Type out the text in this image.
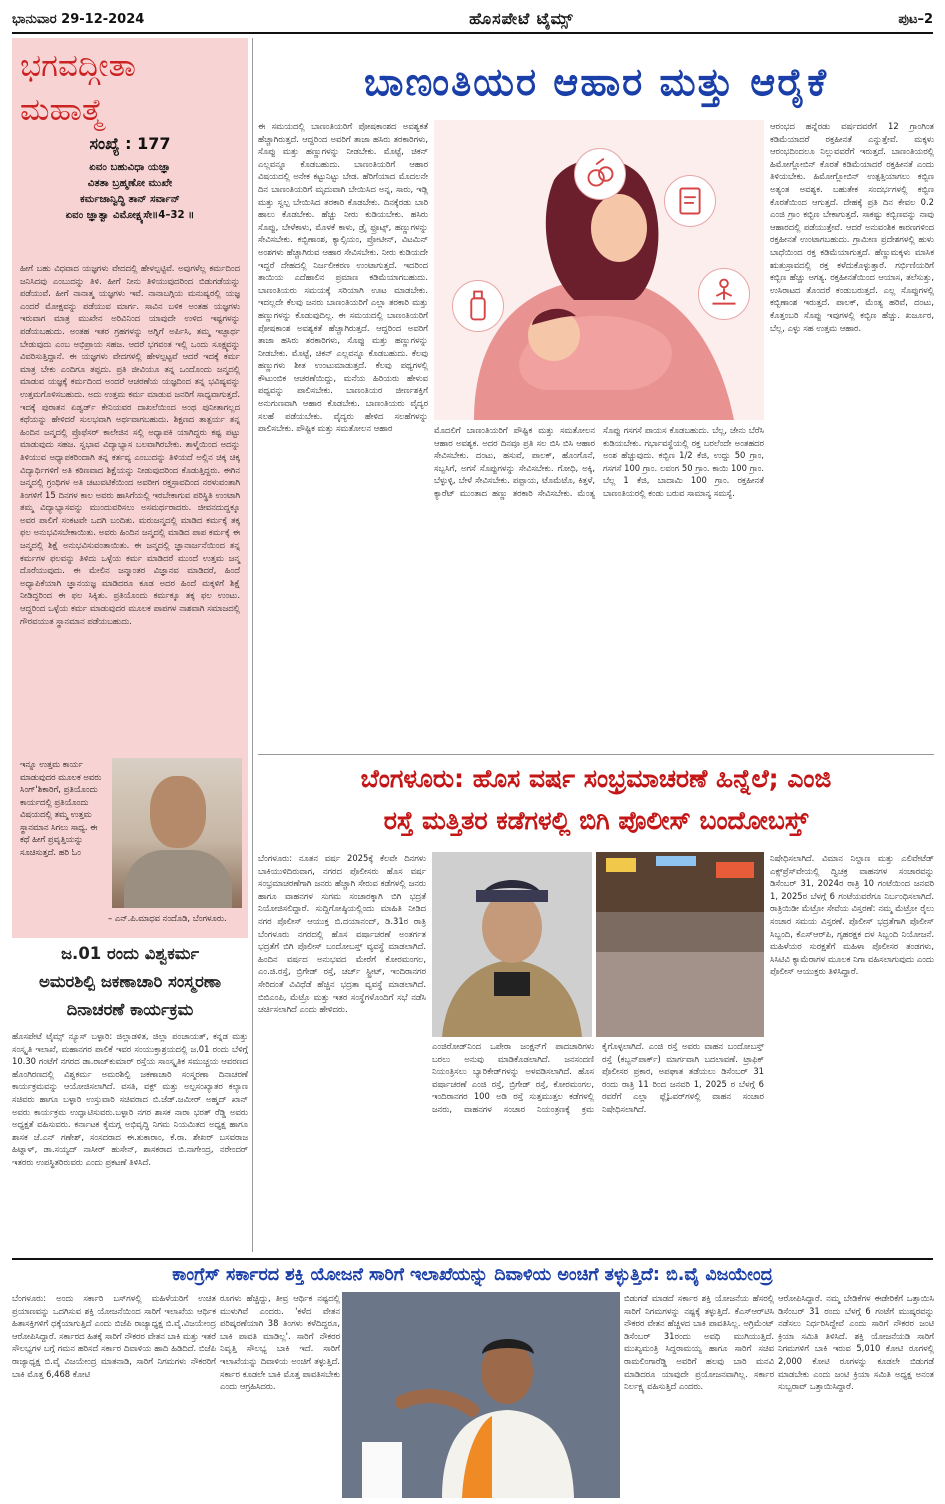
ಭಾನುವಾರ 29-12-2024	ಹೊಸಪೇಟೆ ಟೈಮ್ಸ್	ಪುಟ–2
ಭಗವದ್ಗೀತಾ
ಮಹಾತ್ಮೆ
ಸಂಖ್ಯೆ : 177
ಏವಂ ಬಹುವಿಧಾ ಯಜ್ಞಾ
ವಿತತಾ ಬ್ರಹ್ಮಣೋ ಮುಖೇ
ಕರ್ಮಜಾನ್ವಿದ್ಧಿ ತಾನ್ ಸರ್ವಾನ್
ಏವಂ ಜ್ಞಾತ್ವಾ ವಿಮೋಕ್ಷ್ಯಸೇ॥4–32 ॥
ಹೀಗೆ ಬಹು ವಿಧವಾದ ಯಜ್ಞಗಳು ವೇದದಲ್ಲಿ ಹೇಳಲ್ಪಟ್ಟಿವೆ. ಅವುಗಳೆಲ್ಲ ಕರ್ಮದಿಂದ ಜನಿಸಿದವು ಎಂಬುದನ್ನು ತಿಳಿ. ಹೀಗೆ ನೀನು ತಿಳಿಯುವುದರಿಂದ ಬಿಡುಗಡೆಯನ್ನು ಪಡೆಯುವೆ. ಹೀಗೆ ನಾನಾತ್ಮ ಯಜ್ಞಗಳು ಇವೆ. ನಾನಾಬಗ್ಗಿಯ ಮನುಷ್ಯರಲ್ಲಿ ಯಜ್ಞ ಎಂದರೆ ಮೋಕ್ಷವನ್ನು ಪಡೆಯುವ ಮಾರ್ಗ. ಸಾವಿನ ಬಳಿಕ ಅಂತಹ ಯಜ್ಞಗಳು ಇರುವಾಗ ಮಾತ್ರ ಮುಖೇನ ಅರಿವಿನಿಂದ ಯಾವುದೇ ಉಳಿದ ಇಷ್ಟಗಳನ್ನು ಪಡೆಯಬಹುದು. ಅಂತಹ ಇತರ ಗ್ರಹಗಳನ್ನು ಅಗ್ನಿಗೆ ಅರ್ಪಿಸಿ, ತಮ್ಮ ಇಚ್ಛಾರ್ಥ ಬೇಡುವುದು ಎಂಬ ಅಭಿಪ್ರಾಯ ಸಹಜ. ಆದರೆ ಭಗವಂತ ಇಲ್ಲಿ ಒಂದು ಸೂಕ್ಷ್ಮವನ್ನು ವಿವರಿಸುತ್ತಿದ್ದಾನೆ. ಈ ಯಜ್ಞಗಳು ವೇದಗಳಲ್ಲಿ ಹೇಳಲ್ಪಟ್ಟವೆ ಆದರೆ ಇದಕ್ಕೆ ಕರ್ಮ ಮಾತ್ರ ಬೇಕು ಎಂದಿಗೂ ತಪ್ಪದು. ಪ್ರತಿ ಜೀವಿಯೂ ತನ್ನ ಒಂದೊಂದು ಜನ್ಮದಲ್ಲಿ ಮಾಡುವ ಯಜ್ಞಕ್ಕೆ ಕರ್ಮದಿಂದ ಅಂದರೆ ಆಚರಣೆಯ ಯಜ್ಞದಿಂದ ತನ್ನ ಭವಿಷ್ಯವನ್ನು ಉತ್ತಮಗೊಳಿಸಬಹುದು. ಅದು ಉತ್ತಮ ಕರ್ಮ ಮಾಡುವ ಜನರಿಗೆ ಸಾಧ್ಯವಾಗುತ್ತದೆ. ಇದಕ್ಕೆ ಪುರಾತನ ಏಡ್ವರ್ಡ್ ಕೇನಿಯವರ ದಾಖಲೆಯಿಂದ ಅಂಥ ಪುನೀತಾಗಲ್ಲದ ಕಥೆಯನ್ನು ಹೇಳಿದರೆ ಸುಲಭವಾಗಿ ಅರ್ಥವಾಗಬಹುದು. ಶಿಕ್ಷಣದ ತಾತ್ಪರ್ಯ ತನ್ನ ಹಿಂದಿನ ಜನ್ಮದಲ್ಲಿ ಪ್ರೊಫೆಸರ್ ಕಾಲೇಜಿನ ಸಲ್ಲಿ ಅಧ್ಯಾಪಕಿ ಯಾಗಿದ್ದರು ಕಷ್ಟ ಪಟ್ಟು ಮಾಡುವುದು ಸಹಜ. ಸ್ವಭಾವ ವಿದ್ಯಾಭ್ಯಾಸ ಬಲವಾಗಿರಬೇಕು. ತಾಳ್ಮೆಯಿಂದ ಅದನ್ನು ತಿಳಿಯುವ ಅಧ್ಯಾಪಕರಿಂದಾಗಿ ತನ್ನ ಕರ್ತವ್ಯ ಎಂಬುದನ್ನು ತಿಳಿಯದೆ ಅಲ್ಲಿನ ಚಿಕ್ಕ ಚಿಕ್ಕ ವಿದ್ಯಾರ್ಥಿಗಳಿಗೆ ಅತಿ ಕಠಿಣವಾದ ಶಿಕ್ಷೆಯನ್ನು ನೀಡುವುದರಿಂದ ಕೊಡುತ್ತಿದ್ದರು. ಈಗಿನ ಜನ್ಮದಲ್ಲಿ ಗ್ರಂಥಿಗಳ ಅತಿ ಚಟುವಟಿಕೆಯಿಂದ ಅವರೀಗ ರಕ್ತಸ್ರಾವದಿಂದ ನರಳುವಂತಾಗಿ ತಿಂಗಳಿಗೆ 15 ದಿನಗಳ ಕಾಲ ಅವರು ಹಾಸಿಗೆಯಲ್ಲಿ ಇರಬೇಕಾಗುವ ಪರಿಸ್ಥಿತಿ ಉಂಟಾಗಿ ತಮ್ಮ ವಿದ್ಯಾಭ್ಯಾಸವನ್ನು ಮುಂದುವರಿಸಲು ಅಸಮರ್ಥರಾದರು. ಜೀವನದುದ್ದಕ್ಕೂ ಅವರ ಪಾಲಿಗೆ ಸಂಕಟವೇ ಒದಗಿ ಬಂದಿತು. ಮರುಜನ್ಮದಲ್ಲಿ ಮಾಡಿದ ಕರ್ಮಕ್ಕೆ ತಕ್ಕ ಫಲ ಅನುಭವಿಸಬೇಕಾಯಿತು. ಅವರು ಹಿಂದಿನ ಜನ್ಮದಲ್ಲಿ ಮಾಡಿದ ಪಾಪ ಕರ್ಮಕ್ಕೆ ಈ ಜನ್ಮದಲ್ಲಿ ಶಿಕ್ಷೆ ಅನುಭವಿಸುವಂತಾಯಿತು. ಈ ಜನ್ಮದಲ್ಲಿ ಜ್ಞಾನಾರ್ಜನೆಯಿಂದ ತನ್ನ ಕರ್ಮಗಳ ಫಲವನ್ನು ತಿಳಿದು ಒಳ್ಳೆಯ ಕರ್ಮ ಮಾಡಿದರೆ ಮುಂದೆ ಉತ್ತಮ ಜನ್ಮ ದೊರೆಯುವುದು. ಈ ಮೇಲಿನ ಜನ್ಮಾಂತರ ವಿಜ್ಞಾನವ ಮಾಡಿದರೆ, ಹಿಂದೆ ಅಧ್ಯಾಪಿಕೆಯಾಗಿ ಜ್ಞಾನಯಜ್ಞ ಮಾಡಿದರೂ ಕೂಡ ಅದರ ಹಿಂದೆ ಮಕ್ಕಳಿಗೆ ಶಿಕ್ಷೆ ನೀಡಿದ್ದರಿಂದ ಈ ಫಲ ಸಿಕ್ಕಿತು. ಪ್ರತಿಯೊಂದು ಕರ್ಮಕ್ಕೂ ತಕ್ಕ ಫಲ ಉಂಟು. ಆದ್ದರಿಂದ ಒಳ್ಳೆಯ ಕರ್ಮ ಮಾಡುವುದರ ಮೂಲಕ ಪಾಪಗಳ ನಾಶವಾಗಿ ಸಮಾಜದಲ್ಲಿ ಗೌರವಯುತ ಸ್ಥಾನಮಾನ ಪಡೆಯಬಹುದು.
ಇನ್ನೂ ಉತ್ತಮ ಕಾರ್ಯ ಮಾಡುವುದರ ಮೂಲಕ ಅವರು ಸಿಂಗ್'ಶಿಕಾರಿಗೆ, ಪ್ರತಿಯೊಂದು ಕಾರ್ಯದಲ್ಲಿ ಪ್ರತಿಯೊಂದು ವಿಷಯದಲ್ಲಿ ತಮ್ಮ ಉತ್ತಮ ಸ್ಥಾನಮಾನ ಸಿಗಲು ಸಾಧ್ಯ. ಈ ಕಥೆ ಹೀಗೆ ಪ್ರವೃತ್ತಿಯನ್ನು ಸೂಚಿಸುತ್ತದೆ. ಹರಿ ಓಂ
– ಎನ್.ಪಿ.ಮಾಧವ ನಂದೊಡಿ, ಬೆಂಗಳೂರು.
ಜ.01 ರಂದು ವಿಶ್ವಕರ್ಮ
ಅಮರಶಿಲ್ಪಿ ಜಕಣಾಚಾರಿ ಸಂಸ್ಮರಣಾ
ದಿನಾಚರಣೆ ಕಾರ್ಯಕ್ರಮ
ಹೊಸಪೇಟೆ ಟೈಮ್ಸ್ ನ್ಯೂಸ್ ಬಳ್ಳಾರಿ: ಜಿಲ್ಲಾಡಳಿತ, ಜಿಲ್ಲಾ ಪಂಚಾಯತ್, ಕನ್ನಡ ಮತ್ತು ಸಂಸ್ಕೃತಿ ಇಲಾಖೆ, ಮಹಾನಗರ ಪಾಲಿಕೆ ಇವರ ಸಂಯುಕ್ತಾಶ್ರಯದಲ್ಲಿ ಜ.01 ರಂದು ಬೆಳಿಗ್ಗೆ 10.30 ಗಂಟೆಗೆ ನಗರದ ಡಾ.ರಾಜ್‌ಕುಮಾರ್ ರಸ್ತೆಯ ಸಾಂಸ್ಕೃತಿಕ ಸಮುಚ್ಚಯ ಆವರಣದ ಹೊಂಗಿರಣದಲ್ಲಿ ವಿಶ್ವಕರ್ಮ ಅಮರಶಿಲ್ಪಿ ಜಕಣಾಚಾರಿ ಸಂಸ್ಮರಣಾ ದಿನಾಚರಣೆ ಕಾರ್ಯಕ್ರಮವನ್ನು ಆಯೋಜಿಸಲಾಗಿದೆ. ವಸತಿ, ವಕ್ಫ್ ಮತ್ತು ಅಲ್ಪಸಂಖ್ಯಾತರ ಕಲ್ಯಾಣ ಸಚಿವರು ಹಾಗೂ ಬಳ್ಳಾರಿ ಉಸ್ತುವಾರಿ ಸಚಿವರಾದ ಬಿ.ಜೆಡ್.ಜಮೀರ್ ಅಹ್ಮದ್ ಖಾನ್ ಅವರು ಕಾರ್ಯಕ್ರಮ ಉದ್ಘಾಟಿಸುವರು.ಬಳ್ಳಾರಿ ನಗರ ಶಾಸಕ ನಾರಾ ಭರತ್ ರೆಡ್ಡಿ ಅವರು ಅಧ್ಯಕ್ಷತೆ ವಹಿಸುವರು. ಕರ್ನಾಟಕ ಕೈಮಗ್ಗ ಅಭಿವೃದ್ಧಿ ನಿಗಮ ನಿಯಮಿತದ ಅಧ್ಯಕ್ಷ ಹಾಗೂ ಶಾಸಕ ಜೆ.ಎನ್ ಗಣೇಶ್, ಸಂಸದರಾದ ಈ.ತುಕಾರಾಂ, ಕೆ.ರಾ. ಶೇಖರ್ ಬಸವರಾಜ ಹಿಟ್ನಾಳ್, ಡಾ.ಸಯ್ಯದ್ ನಾಸೀರ್ ಹುಸೇನ್, ಶಾಸಕರಾದ ಬಿ.ನಾಗೇಂದ್ರ, ನರೇಂದರ್ ಇತರರು ಉಪಸ್ಥಿತರಿರುವರು ಎಂದು ಪ್ರಕಟಣೆ ತಿಳಿಸಿದೆ.
ಬಾಣಂತಿಯರ ಆಹಾರ ಮತ್ತು ಆರೈಕೆ
ಈ ಸಮಯದಲ್ಲಿ ಬಾಣಂತಿಯರಿಗೆ ಪೋಷಕಾಂಶದ ಅವಶ್ಯಕತೆ ಹೆಚ್ಚಾಗಿರುತ್ತದೆ. ಆದ್ದರಿಂದ ಅವರಿಗೆ ತಾಜಾ ಹಸಿರು ತರಕಾರಿಗಳು, ಸೊಪ್ಪು ಮತ್ತು ಹಣ್ಣುಗಳನ್ನು ನೀಡಬೇಕು. ಮೊಟ್ಟೆ, ಚಿಕನ್ ಎಲ್ಲವನ್ನೂ ಕೊಡಬಹುದು. ಬಾಣಂತಿಯರಿಗೆ ಆಹಾರ ವಿಷಯದಲ್ಲಿ ಅನೇಕ ಕಟ್ಟುನಿಟ್ಟು ಬೇಡ. ಹೆರಿಗೆಯಾದ ಮೊದಲನೇ ದಿನ ಬಾಣಂತಿಯರಿಗೆ ಮೃದುವಾಗಿ ಬೇಯಿಸಿದ ಅನ್ನ, ಸಾರು, ಇಡ್ಲಿ ಮತ್ತು ಸ್ವಲ್ಪ ಬೇಯಿಸಿದ ತರಕಾರಿ ಕೊಡಬೇಕು. ದಿನಕ್ಕೆರಡು ಬಾರಿ ಹಾಲು ಕೊಡಬೇಕು. ಹೆಚ್ಚು ನೀರು ಕುಡಿಯಬೇಕು. ಹಸಿರು ಸೊಪ್ಪು, ಬೇಳೆಕಾಳು, ಮೊಳಕೆ ಕಾಳು, ಡ್ರೈ ಫ್ರೂಟ್ಸ್, ಹಣ್ಣುಗಳನ್ನು ಸೇವಿಸಬೇಕು. ಕಬ್ಬಿಣಾಂಶ, ಕ್ಯಾಲ್ಸಿಯಂ, ಪ್ರೋಟೀನ್, ವಿಟಮಿನ್ ಅಂಶಗಳು ಹೆಚ್ಚಾಗಿರುವ ಆಹಾರ ಸೇವಿಸಬೇಕು. ನೀರು ಕುಡಿಯದೇ ಇದ್ದರೆ ದೇಹದಲ್ಲಿ ನಿರ್ಜಲೀಕರಣ ಉಂಟಾಗುತ್ತದೆ. ಇದರಿಂದ ತಾಯಿಯ ಎದೆಹಾಲಿನ ಪ್ರಮಾಣ ಕಡಿಮೆಯಾಗಬಹುದು. ಬಾಣಂತಿಯರು ಸಮಯಕ್ಕೆ ಸರಿಯಾಗಿ ಊಟ ಮಾಡಬೇಕು. ಇದಲ್ಲದೇ ಕೆಲವು ಜನರು ಬಾಣಂತಿಯರಿಗೆ ಎಲ್ಲಾ ತರಕಾರಿ ಮತ್ತು ಹಣ್ಣುಗಳನ್ನು ಕೊಡುವುದಿಲ್ಲ. ಈ ಸಮಯದಲ್ಲಿ ಬಾಣಂತಿಯರಿಗೆ ಪೋಷಕಾಂಶ ಅವಶ್ಯಕತೆ ಹೆಚ್ಚಾಗಿರುತ್ತದೆ. ಆದ್ದರಿಂದ ಅವರಿಗೆ ತಾಜಾ ಹಸಿರು ತರಕಾರಿಗಳು, ಸೊಪ್ಪು ಮತ್ತು ಹಣ್ಣುಗಳನ್ನು ನೀಡಬೇಕು. ಮೊಟ್ಟೆ, ಚಿಕನ್ ಎಲ್ಲವನ್ನೂ ಕೊಡಬಹುದು. ಕೆಲವು ಹಣ್ಣುಗಳು ಶೀತ ಉಂಟುಮಾಡುತ್ತದೆ. ಕೆಲವು ಪಥ್ಯಗಳಲ್ಲಿ ಕೌಟುಂಬಿಕ ಆಚರಣೆಯಿದ್ದು, ಮನೆಯ ಹಿರಿಯರು ಹೇಳುವ ಪಥ್ಯವನ್ನು ಪಾಲಿಸಬೇಕು. ಬಾಣಂತಿಯರ ಜೀರ್ಣಶಕ್ತಿಗೆ ಅನುಗುಣವಾಗಿ ಆಹಾರ ಕೊಡಬೇಕು. ಬಾಣಂತಿಯರು ವೈದ್ಯರ ಸಲಹೆ ಪಡೆಯಬೇಕು. ವೈದ್ಯರು ಹೇಳಿದ ಸಲಹೆಗಳನ್ನು ಪಾಲಿಸಬೇಕು. ಪೌಷ್ಟಿಕ ಮತ್ತು ಸಮತೋಲನ ಆಹಾರ	ಮೊದಲಿಗೆ ಬಾಣಂತಿಯರಿಗೆ ಪೌಷ್ಟಿಕ ಮತ್ತು ಸಮತೋಲನ ಆಹಾರ ಅವಶ್ಯಕ. ಅದರ ದಿನವೂ ಪ್ರತಿ ಸಲ ಬಿಸಿ ಬಿಸಿ ಆಹಾರ ಸೇವಿಸಬೇಕು. ದಂಟು, ಹಸುವೆ, ಪಾಲಕ್, ಹೊಂಗೊನೆ, ಸಬ್ಬಸಿಗೆ, ಅಗಸೆ ಸೊಪ್ಪುಗಳನ್ನು ಸೇವಿಸಬೇಕು. ಗೋಧಿ, ಅಕ್ಕಿ, ಬೆಳ್ಳುಳ್ಳಿ, ಬೇಳೆ ಸೇವಿಸಬೇಕು. ಪಪ್ಪಾಯ, ಟೊಮೆಟೊ, ಕಿತ್ತಳೆ, ಕ್ಯಾರೆಟ್ ಮುಂತಾದ ಹಣ್ಣು ತರಕಾರಿ ಸೇವಿಸಬೇಕು. ಮೆಂತ್ಯ ಸೊಪ್ಪು ಗಸಗಸೆ ಪಾಯಸ ಕೊಡಬಹುದು. ಬೆಲ್ಲ, ಜೇನು ಬೆರೆಸಿ ಕುಡಿಯಬೇಕು. ಗರ್ಭಾವಸ್ಥೆಯಲ್ಲಿ ರಕ್ತ ಬರಲೆಂದೇ ಅಂತಹದರ ಅಂಶ ಹೆಚ್ಚುವುದು. ಕಬ್ಬಿಣ 1/2 ಕೆಜಿ, ಉದ್ದು 50 ಗ್ರಾಂ, ಗಸಗಸೆ 100 ಗ್ರಾಂ. ಲವಂಗ 50 ಗ್ರಾಂ. ಕಾಯಿ 100 ಗ್ರಾಂ. ಬೆಲ್ಲ 1 ಕೆಜಿ, ಬಾದಾಮಿ 100 ಗ್ರಾಂ. ರಕ್ತಹೀನತೆ ಬಾಣಂತಿಯರಲ್ಲಿ ಕಂಡು ಬರುವ ಸಾಮಾನ್ಯ ಸಮಸ್ಯೆ.
ಆರಂಭದ ಹನ್ನೆರಡು ವರ್ಷದವರೆಗೆ 12 ಗ್ರಾಂಗಿಂತ ಕಡಿಮೆಯಾದರೆ ರಕ್ತಹೀನತೆ ಎನ್ನುತ್ತೇವೆ. ಮಕ್ಕಳು ಆರಂಭದಿಂದಲೂ ನಿಲ್ಲುವವರೆಗೆ ಇರುತ್ತದೆ. ಬಾಣಂತಿಯರಲ್ಲಿ ಹಿಮೋಗ್ಲೋಬಿನ್ ಕೊರತೆ ಕಡಿಮೆಯಾದರೆ ರಕ್ತಹೀನತೆ ಎಂದು ತಿಳಿಯಬೇಕು. ಹಿಮೋಗ್ಲೋಬಿನ್ ಉತ್ಪತ್ತಿಯಾಗಲು ಕಬ್ಬಿಣ ಅತ್ಯಂತ ಅವಶ್ಯಕ. ಬಹುತೇಕ ಸಂದರ್ಭಗಳಲ್ಲಿ ಕಬ್ಬಿಣ ಕೊರತೆಯಿಂದ ಆಗುತ್ತದೆ. ದೇಹಕ್ಕೆ ಪ್ರತಿ ದಿನ ಕೇವಲ 0.2 ಎಂಜಿ ಗ್ರಾಂ ಕಬ್ಬಿಣ ಬೇಕಾಗುತ್ತದೆ. ಸಾಕಷ್ಟು ಕಬ್ಬಿಣವನ್ನು ನಾವು ಆಹಾರದಲ್ಲಿ ಪಡೆಯುತ್ತೇವೆ. ಆದರೆ ಅನುವಂಶಿಕ ಕಾರಣಗಳಿಂದ ರಕ್ತಹೀನತೆ ಉಂಟಾಗಬಹುದು. ಗ್ರಾಮೀಣ ಪ್ರದೇಶಗಳಲ್ಲಿ ಹುಳು ಬಾಧೆಯಿಂದ ರಕ್ತ ಕಡಿಮೆಯಾಗುತ್ತದೆ. ಹೆಣ್ಣುಮಕ್ಕಳು ಮಾಸಿಕ ಋತುಸ್ರಾವದಲ್ಲಿ ರಕ್ತ ಕಳೆದುಕೊಳ್ಳುತ್ತಾರೆ. ಗರ್ಭಿಣಿಯರಿಗೆ ಕಬ್ಬಿಣ ಹೆಚ್ಚು ಅಗತ್ಯ. ರಕ್ತಹೀನತೆಯಿಂದ ಆಯಾಸ, ತಲೆಸುತ್ತು, ಉಸಿರಾಟದ ತೊಂದರೆ ಕಂಡುಬರುತ್ತದೆ. ಎಲ್ಲ ಸೊಪ್ಪುಗಳಲ್ಲಿ ಕಬ್ಬಿಣಾಂಶ ಇರುತ್ತದೆ. ಪಾಲಕ್, ಮೆಂತ್ಯ ಹರಿವೆ, ದಂಟು, ಕೊತ್ತಂಬರಿ ಸೊಪ್ಪು ಇವುಗಳಲ್ಲಿ ಕಬ್ಬಿಣ ಹೆಚ್ಚು. ಖರ್ಜೂರ, ಬೆಲ್ಲ, ಎಳ್ಳು ಸಹ ಉತ್ತಮ ಆಹಾರ.
ಬೆಂಗಳೂರು: ಹೊಸ ವರ್ಷ ಸಂಭ್ರಮಾಚರಣೆ ಹಿನ್ನೆಲೆ; ಎಂಜಿ
ರಸ್ತೆ ಮತ್ತಿತರ ಕಡೆಗಳಲ್ಲಿ ಬಿಗಿ ಪೊಲೀಸ್ ಬಂದೋಬಸ್ತ್
ಬೆಂಗಳೂರು: ನೂತನ ವರ್ಷ 2025ಕ್ಕೆ ಕೆಲವೇ ದಿನಗಳು ಬಾಕಿಯುಳಿದಿರುವಾಗ, ನಗರದ ಪೊಲೀಸರು ಹೊಸ ವರ್ಷ ಸಂಭ್ರಮಾಚರಣೆಗಾಗಿ ಜನರು ಹೆಚ್ಚಾಗಿ ಸೇರುವ ಕಡೆಗಳಲ್ಲಿ ಜನರು ಹಾಗೂ ವಾಹನಗಳ ಸುಗಮ ಸಂಚಾರಕ್ಕಾಗಿ ಬಿಗಿ ಭದ್ರತೆ ನಿಯೋಜಿಸಲಿದ್ದಾರೆ. ಸುದ್ದಿಗೋಷ್ಠಿಯಲ್ಲಿಂದು ಮಾಹಿತಿ ನೀಡಿದ ನಗರ ಪೊಲೀಸ್ ಆಯುಕ್ತ ಬಿ.ದಯಾನಂದ್, ಡಿ.31ರ ರಾತ್ರಿ ಬೆಂಗಳೂರು ನಗರದಲ್ಲಿ ಹೊಸ ವರ್ಷಾಚರಣೆ ಅಂತರ್ಗತ ಭದ್ರತೆಗೆ ಬಿಗಿ ಪೊಲೀಸ್ ಬಂದೋಬಸ್ತ್ ವ್ಯವಸ್ಥೆ ಮಾಡಲಾಗಿದೆ. ಹಿಂದಿನ ವರ್ಷದ ಅನುಭವದ ಮೇರೆಗೆ ಕೋರಮಂಗಲ, ಎಂ.ಜಿ.ರಸ್ತೆ, ಬ್ರಿಗೇಡ್ ರಸ್ತೆ, ಚರ್ಚ್ ಸ್ಟ್ರೀಟ್, ಇಂದಿರಾನಗರ ಸೇರಿದಂತೆ ವಿವಿಧೆಡೆ ಹೆಚ್ಚಿನ ಭದ್ರತಾ ವ್ಯವಸ್ಥೆ ಮಾಡಲಾಗಿದೆ. ಬಿಬಿಎಂಪಿ, ಮೆಟ್ರೊ ಮತ್ತು ಇತರ ಸಂಸ್ಥೆಗಳೊಂದಿಗೆ ಸಭೆ ನಡೆಸಿ ಚರ್ಚಿಸಲಾಗಿದೆ ಎಂದು ಹೇಳಿದರು.
ಎಂಜಿರೋಡ್‌ನಿಂದ ಒಪೇರಾ ಜಂಕ್ಷನ್‌ಗೆ ಪಾದಚಾರಿಗಳು ಬರಲು ಅನುವು ಮಾಡಿಕೊಡಲಾಗಿದೆ. ಜನಸಂದಣಿ ನಿಯಂತ್ರಿಸಲು ಬ್ಯಾರಿಕೇಡ್‌ಗಳನ್ನು ಅಳವಡಿಸಲಾಗಿದೆ. ಹೊಸ ವರ್ಷಾಚರಣೆ ಎಂಜಿ ರಸ್ತೆ, ಬ್ರಿಗೇಡ್ ರಸ್ತೆ, ಕೋರಮಂಗಲ, ಇಂದಿರಾನಗರ 100 ಅಡಿ ರಸ್ತೆ ಸುತ್ತಮುತ್ತಲ ಕಡೆಗಳಲ್ಲಿ ಜನರು, ವಾಹನಗಳ ಸಂಚಾರ ನಿಯಂತ್ರಣಕ್ಕೆ ಕ್ರಮ ಕೈಗೊಳ್ಳಲಾಗಿದೆ. ಎಂಜಿ ರಸ್ತೆ ಅವರು ವಾಹನ ಬಂದೋಬಸ್ತ್ ರಸ್ತೆ (ಕಬ್ಬನ್‌ಪಾರ್ಕ್) ಮಾರ್ಗವಾಗಿ ಬದಲಾವಣೆ. ಟ್ರಾಫಿಕ್ ಪೊಲೀಸರ ಪ್ರಕಾರ, ಅಪಘಾತ ತಡೆಯಲು ಡಿಸೆಂಬರ್ 31 ರಂದು ರಾತ್ರಿ 11 ರಿಂದ ಜನವರಿ 1, 2025 ರ ಬೆಳಗ್ಗೆ 6 ರವರೆಗೆ ಎಲ್ಲಾ ಫ್ಲೈಓವರ್‌ಗಳಲ್ಲಿ ವಾಹನ ಸಂಚಾರ ನಿಷೇಧಿಸಲಾಗಿದೆ.
ನಿಷೇಧಿಸಲಾಗಿದೆ. ವಿಮಾನ ನಿಲ್ದಾಣ ಮತ್ತು ಎಲಿವೇಟೆಡ್ ಎಕ್ಸ್‌ಪ್ರೆಸ್‌ವೇಯಲ್ಲಿ ದ್ವಿಚಕ್ರ ವಾಹನಗಳ ಸಂಚಾರವನ್ನು ಡಿಸೆಂಬರ್ 31, 2024ರ ರಾತ್ರಿ 10 ಗಂಟೆಯಿಂದ ಜನವರಿ 1, 2025ರ ಬೆಳಗ್ಗೆ 6 ಗಂಟೆಯವರೆಗೂ ನಿರ್ಬಂಧಿಸಲಾಗಿದೆ. ರಾತ್ರಿಯಿಡೀ ಮೆಟ್ರೋ ಸೇವೆಯ ವಿಸ್ತರಣೆ: ನಮ್ಮ ಮೆಟ್ರೋ ರೈಲು ಸಂಚಾರ ಸಮಯ ವಿಸ್ತರಣೆ. ಪೊಲೀಸ್ ಭದ್ರತೆಗಾಗಿ ಪೊಲೀಸ್ ಸಿಬ್ಬಂದಿ, ಕೆಎಸ್‌ಆರ್‌ಪಿ, ಗೃಹರಕ್ಷಕ ದಳ ಸಿಬ್ಬಂದಿ ನಿಯೋಜನೆ. ಮಹಿಳೆಯರ ಸುರಕ್ಷತೆಗೆ ಮಹಿಳಾ ಪೊಲೀಸರ ತಂಡಗಳು, ಸಿಸಿಟಿವಿ ಕ್ಯಾಮೆರಾಗಳ ಮೂಲಕ ನಿಗಾ ವಹಿಸಲಾಗುವುದು ಎಂದು ಪೊಲೀಸ್ ಆಯುಕ್ತರು ತಿಳಿಸಿದ್ದಾರೆ.
ಕಾಂಗ್ರೆಸ್ ಸರ್ಕಾರದ ಶಕ್ತಿ ಯೋಜನೆ ಸಾರಿಗೆ ಇಲಾಖೆಯನ್ನು ದಿವಾಳಿಯ ಅಂಚಿಗೆ ತಳ್ಳುತ್ತಿದೆ: ಬಿ.ವೈ ವಿಜಯೇಂದ್ರ
ಬೆಂಗಳೂರು: ಅಂದು ಸರ್ಕಾರಿ ಬಸ್‌ಗಳಲ್ಲಿ ಮಹಿಳೆಯರಿಗೆ ಉಚಿತ ಪ್ರಯಾಣವನ್ನು ಒದಗಿಸುವ ಶಕ್ತಿ ಯೋಜನೆಯಿಂದ ಸಾರಿಗೆ ಇಲಾಖೆಯ ಆರ್ಥಿಕ ಹಿತಾಸಕ್ತಿಗಳಿಗೆ ಧಕ್ಕೆಯಾಗುತ್ತಿದೆ ಎಂದು ಬಿಜೆಪಿ ರಾಜ್ಯಾಧ್ಯಕ್ಷ ಬಿ.ವೈ.ವಿಜಯೇಂದ್ರ ಆರೋಪಿಸಿದ್ದಾರೆ. ಸರ್ಕಾರದ ಹಿತಕ್ಕೆ ಸಾರಿಗೆ ನೌಕರರ ವೇತನ ಬಾಕಿ ಮತ್ತು ಇತರೆ ಸೌಲಭ್ಯಗಳ ಬಗ್ಗೆ ಗಮನ ಹರಿಸದೆ ಸರ್ಕಾರ ದಿವಾಳಿಯ ಹಾದಿ ಹಿಡಿದಿದೆ. ಬಿಜೆಪಿ ರಾಜ್ಯಾಧ್ಯಕ್ಷ ಬಿ.ವೈ ವಿಜಯೇಂದ್ರ ಮಾತನಾಡಿ, ಸಾರಿಗೆ ನಿಗಮಗಳು ನೌಕರರಿಗೆ ಬಾಕಿ ಮೊತ್ತ 6,468 ಕೋಟಿ
ರೂಗಳು ಹೆಚ್ಚಿದ್ದು, ತೀವ್ರ ಆರ್ಥಿಕ ನಷ್ಟದಲ್ಲಿ ಮುಳುಗಿವೆ ಎಂದರು. 'ಕಳೆದ ವೇತನ ಪರಿಷ್ಕರಣೆಯಾಗಿ 38 ತಿಂಗಳು ಕಳೆದಿದ್ದರೂ, ಬಾಕಿ ಪಾವತಿ ಮಾಡಿಲ್ಲ'. ಸಾರಿಗೆ ನೌಕರರ ನಿವೃತ್ತಿ ಸೌಲಭ್ಯ ಬಾಕಿ ಇದೆ. ಸಾರಿಗೆ ಇಲಾಖೆಯನ್ನು ದಿವಾಳಿಯ ಅಂಚಿಗೆ ತಳ್ಳುತ್ತಿದೆ. ಸರ್ಕಾರ ಕೂಡಲೇ ಬಾಕಿ ಮೊತ್ತ ಪಾವತಿಸಬೇಕು ಎಂದು ಆಗ್ರಹಿಸಿದರು.
ಬಿಡುಗಡೆ ಮಾಡದೆ ಸರ್ಕಾರ ಶಕ್ತಿ ಯೋಜನೆಯ ಹೆಸರಲ್ಲಿ ಸಾರಿಗೆ ನಿಗಮಗಳನ್ನು ನಷ್ಟಕ್ಕೆ ತಳ್ಳುತ್ತಿದೆ. ಕೆಎಸ್‌ಆರ್‌ಟಿಸಿ ನೌಕರರ ವೇತನ ಹೆಚ್ಚಳದ ಬಾಕಿ ಪಾವತಿಸಿಲ್ಲ. ಅಗ್ರಿಮೆಂಟ್ ಡಿಸೆಂಬರ್ 31ರಂದು ಅವಧಿ ಮುಗಿಯುತ್ತಿದೆ. ಮುಖ್ಯಮಂತ್ರಿ ಸಿದ್ದರಾಮಯ್ಯ ಹಾಗೂ ಸಾರಿಗೆ ಸಚಿವ ರಾಮಲಿಂಗಾರೆಡ್ಡಿ ಅವರಿಗೆ ಹಲವು ಬಾರಿ ಮನವಿ ಮಾಡಿದರೂ ಯಾವುದೇ ಪ್ರಯೋಜನವಾಗಿಲ್ಲ. ಸರ್ಕಾರ ನಿರ್ಲಕ್ಷ್ಯ ವಹಿಸುತ್ತಿದೆ ಎಂದರು.
ಆರೋಪಿಸಿದ್ದಾರೆ. ನಮ್ಮ ಬೇಡಿಕೆಗಳ ಈಡೇರಿಕೆಗೆ ಒತ್ತಾಯಿಸಿ ಡಿಸೆಂಬರ್ 31 ರಂದು ಬೆಳಗ್ಗೆ 6 ಗಂಟೆಗೆ ಮುಷ್ಕರವನ್ನು ನಡೆಸಲು ನಿರ್ಧರಿಸಿದ್ದೇವೆ ಎಂದು ಸಾರಿಗೆ ನೌಕರರ ಜಂಟಿ ಕ್ರಿಯಾ ಸಮಿತಿ ತಿಳಿಸಿದೆ. ಶಕ್ತಿ ಯೋಜನೆಯಡಿ ಸಾರಿಗೆ ನಿಗಮಗಳಿಗೆ ಬಾಕಿ ಇರುವ 5,010 ಕೋಟಿ ರೂಗಳಲ್ಲಿ 2,000 ಕೋಟಿ ರೂಗಳನ್ನು ಕೂಡಲೇ ಬಿಡುಗಡೆ ಮಾಡಬೇಕು ಎಂದು ಜಂಟಿ ಕ್ರಿಯಾ ಸಮಿತಿ ಅಧ್ಯಕ್ಷ ಅನಂತ ಸುಬ್ಬರಾವ್ ಒತ್ತಾಯಿಸಿದ್ದಾರೆ.
